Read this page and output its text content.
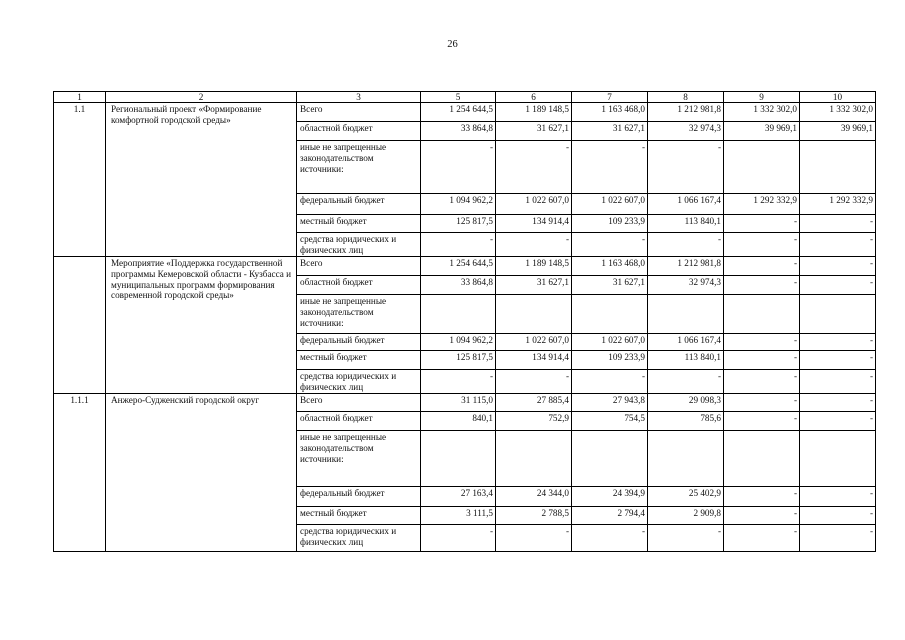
26
1	2	3	5	6	7	8	9	10
1.1	Региональный проект «Формирование комфортной городской среды»	Всего	1 254 644,5	1 189 148,5	1 163 468,0	1 212 981,8	1 332 302,0	1 332 302,0
		областной бюджет	33 864,8	31 627,1	31 627,1	32 974,3	39 969,1	39 969,1
		иные не запрещенные законодательством источники:	-	-	-	-		
		федеральный бюджет	1 094 962,2	1 022 607,0	1 022 607,0	1 066 167,4	1 292 332,9	1 292 332,9
		местный бюджет	125 817,5	134 914,4	109 233,9	113 840,1	-	-
		средства юридических и физических лиц	-	-	-	-	-	-
	Мероприятие «Поддержка государственной программы Кемеровской области - Кузбасса и муниципальных программ формирования современной городской среды»	Всего	1 254 644,5	1 189 148,5	1 163 468,0	1 212 981,8	-	-
		областной бюджет	33 864,8	31 627,1	31 627,1	32 974,3	-	-
		иные не запрещенные законодательством источники:						
		федеральный бюджет	1 094 962,2	1 022 607,0	1 022 607,0	1 066 167,4	-	-
		местный бюджет	125 817,5	134 914,4	109 233,9	113 840,1	-	-
		средства юридических и физических лиц	-	-	-	-	-	-
1.1.1	Анжеро-Судженский городской округ	Всего	31 115,0	27 885,4	27 943,8	29 098,3	-	-
		областной бюджет	840,1	752,9	754,5	785,6	-	-
		иные не запрещенные законодательством источники:						
		федеральный бюджет	27 163,4	24 344,0	24 394,9	25 402,9	-	-
		местный бюджет	3 111,5	2 788,5	2 794,4	2 909,8	-	-
		средства юридических и физических лиц	-	-	-	-	-	-
